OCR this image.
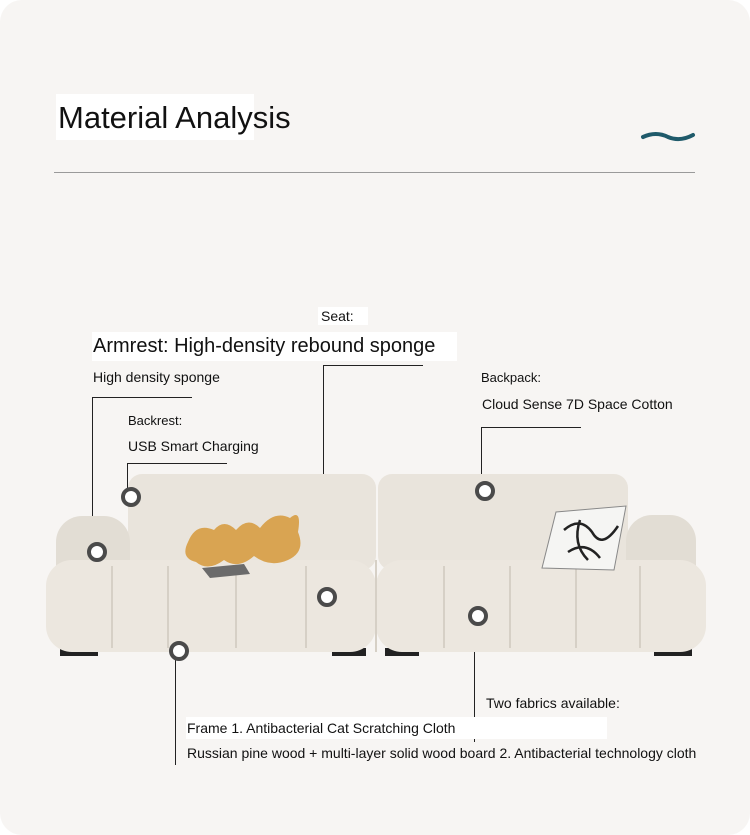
Material Analysis
Seat:
Armrest: High-density rebound sponge
High density sponge	Backpack:
Cloud Sense 7D Space Cotton
Backrest:
USB Smart Charging
Two fabrics available:
Frame 1. Antibacterial Cat Scratching Cloth
Russian pine wood + multi-layer solid wood board 2. Antibacterial technology cloth
